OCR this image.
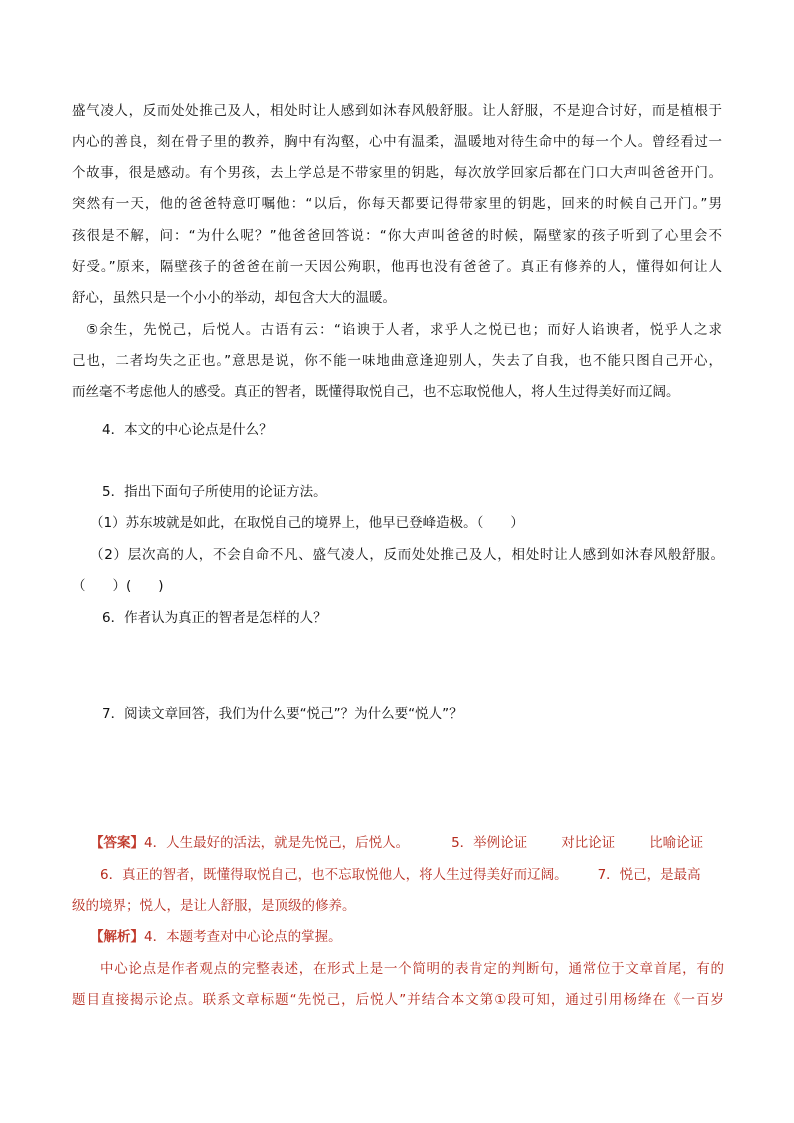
盛气凌人，反而处处推己及人，相处时让人感到如沐春风般舒服。让人舒服，不是迎合讨好，而是植根于
内心的善良，刻在骨子里的教养，胸中有沟壑，心中有温柔，温暖地对待生命中的每一个人。曾经看过一
个故事，很是感动。有个男孩，去上学总是不带家里的钥匙，每次放学回家后都在门口大声叫爸爸开门。
突然有一天，他的爸爸特意叮嘱他：“以后，你每天都要记得带家里的钥匙，回来的时候自己开门。”男
孩很是不解，问：“为什么呢？”他爸爸回答说：“你大声叫爸爸的时候，隔壁家的孩子听到了心里会不
好受。”原来，隔壁孩子的爸爸在前一天因公殉职，他再也没有爸爸了。真正有修养的人，懂得如何让人
舒心，虽然只是一个小小的举动，却包含大大的温暖。
⑤余生，先悦己，后悦人。古语有云：“谄谀于人者，求乎人之悦已也；而好人谄谀者，悦乎人之求
己也，二者均失之正也。”意思是说，你不能一味地曲意逢迎别人，失去了自我，也不能只图自己开心，
而丝毫不考虑他人的感受。真正的智者，既懂得取悦自己，也不忘取悦他人，将人生过得美好而辽阔。
4．本文的中心论点是什么？
5．指出下面句子所使用的论证方法。
（1）苏东坡就是如此，在取悦自己的境界上，他早已登峰造极。（　　）
（2）层次高的人，不会自命不凡、盛气凌人，反而处处推己及人，相处时让人感到如沐春风般舒服。
（　　）(　　)
6．作者认为真正的智者是怎样的人？
7．阅读文章回答，我们为什么要“悦己”？为什么要“悦人”？
【答案】4．人生最好的活法，就是先悦己，后悦人。	5．举例论证	对比论证	比喻论证
6．真正的智者，既懂得取悦自己，也不忘取悦他人，将人生过得美好而辽阔。 7．悦己，是最高
级的境界；悦人，是让人舒服，是顶级的修养。
【解析】4．本题考查对中心论点的掌握。
中心论点是作者观点的完整表述，在形式上是一个简明的表肯定的判断句，通常位于文章首尾，有的
题目直接揭示论点。联系文章标题“先悦己，后悦人”并结合本文第①段可知，通过引用杨绛在《一百岁
